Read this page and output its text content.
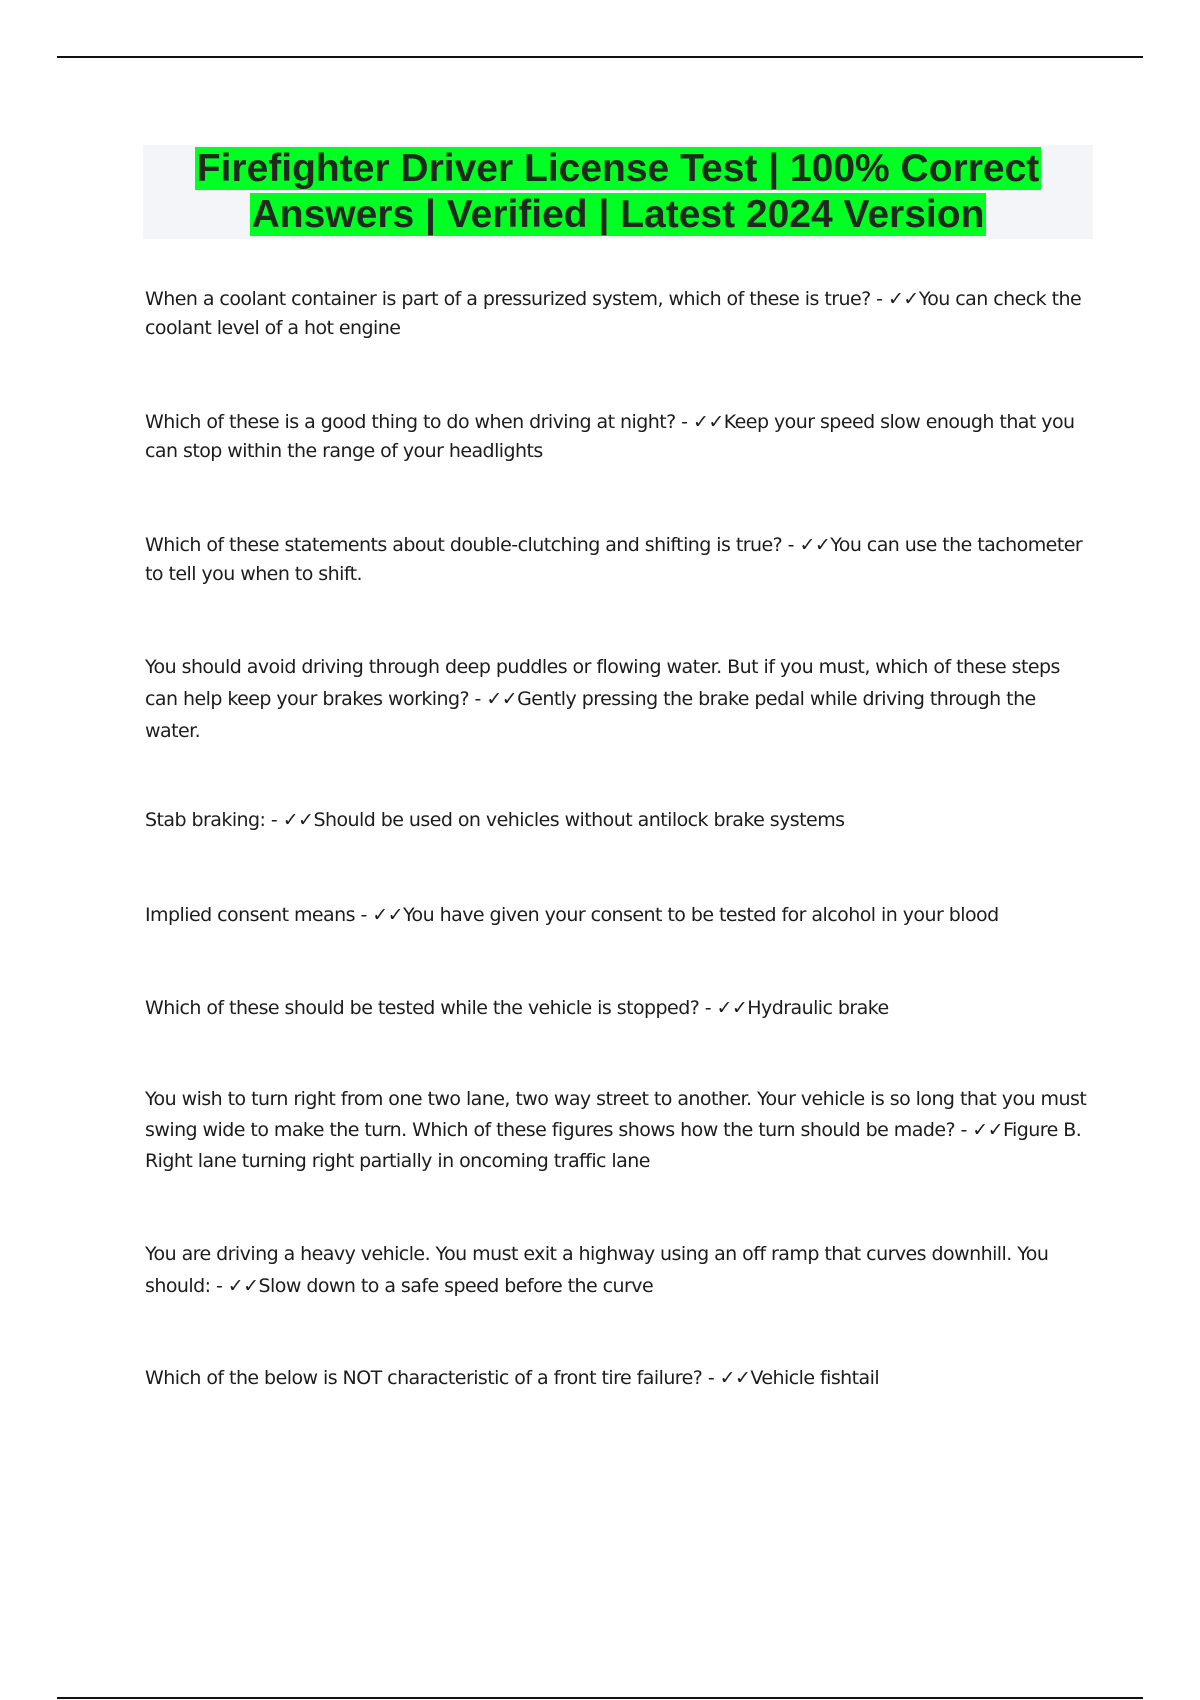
Firefighter Driver License Test | 100% Correct
Answers | Verified | Latest 2024 Version

When a coolant container is part of a pressurized system, which of these is true? - ✓✓You can check the coolant level of a hot engine

Which of these is a good thing to do when driving at night? - ✓✓Keep your speed slow enough that you can stop within the range of your headlights

Which of these statements about double-clutching and shifting is true? - ✓✓You can use the tachometer to tell you when to shift.

You should avoid driving through deep puddles or flowing water. But if you must, which of these steps can help keep your brakes working? - ✓✓Gently pressing the brake pedal while driving through the water.

Stab braking: - ✓✓Should be used on vehicles without antilock brake systems

Implied consent means - ✓✓You have given your consent to be tested for alcohol in your blood

Which of these should be tested while the vehicle is stopped? - ✓✓Hydraulic brake

You wish to turn right from one two lane, two way street to another. Your vehicle is so long that you must swing wide to make the turn. Which of these figures shows how the turn should be made? - ✓✓Figure B. Right lane turning right partially in oncoming traffic lane

You are driving a heavy vehicle. You must exit a highway using an off ramp that curves downhill. You should: - ✓✓Slow down to a safe speed before the curve

Which of the below is NOT characteristic of a front tire failure? - ✓✓Vehicle fishtail
